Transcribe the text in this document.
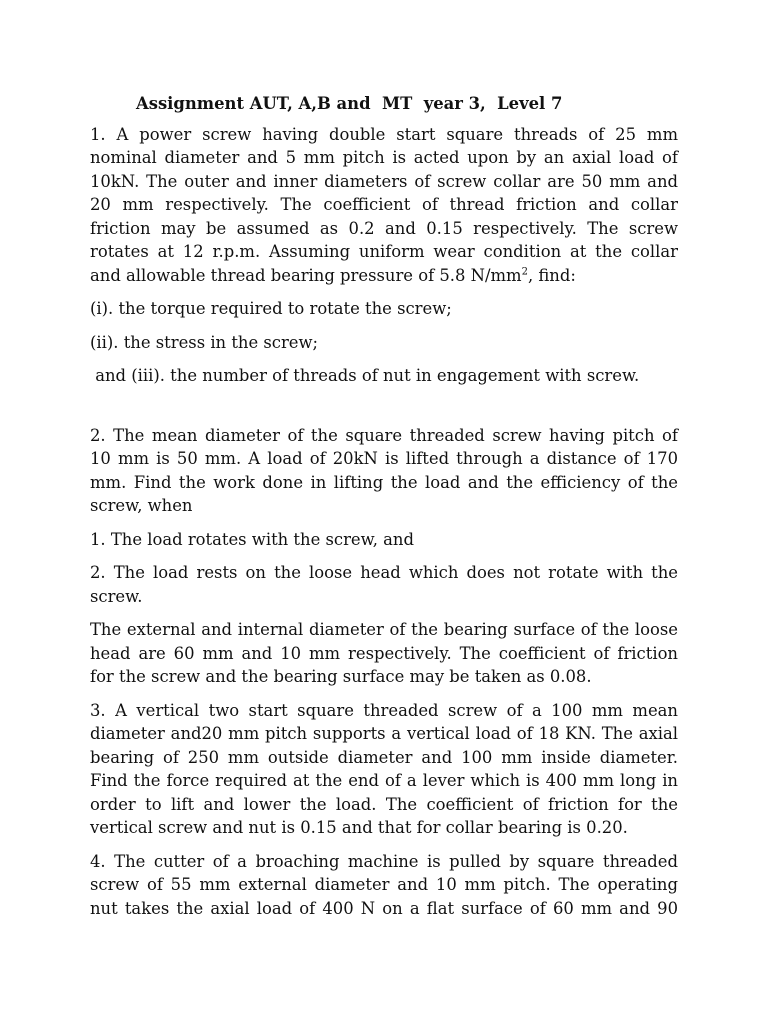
Assignment AUT, A,B and  MT  year 3,  Level 7
1. A power screw having double start square threads of 25 mm
nominal diameter and 5 mm pitch is acted upon by an axial load of
10kN. The outer and inner diameters of screw collar are 50 mm and
20 mm respectively. The coefficient of thread friction and collar
friction may be assumed as 0.2 and 0.15 respectively. The screw
rotates at 12 r.p.m. Assuming uniform wear condition at the collar
and allowable thread bearing pressure of 5.8 $N/mm^2$, find:
(i). the torque required to rotate the screw;
(ii). the stress in the screw;
and (iii). the number of threads of nut in engagement with screw.
2. The mean diameter of the square threaded screw having pitch of
10 mm is 50 mm. A load of 20kN is lifted through a distance of 170
mm. Find the work done in lifting the load and the efficiency of the
screw, when
1. The load rotates with the screw, and
2. The load rests on the loose head which does not rotate with the
screw.
The external and internal diameter of the bearing surface of the loose
head are 60 mm and 10 mm respectively. The coefficient of friction
for the screw and the bearing surface may be taken as 0.08.
3. A vertical two start square threaded screw of a 100 mm mean
diameter and20 mm pitch supports a vertical load of 18 KN. The axial
bearing of 250 mm outside diameter and 100 mm inside diameter.
Find the force required at the end of a lever which is 400 mm long in
order to lift and lower the load. The coefficient of friction for the
vertical screw and nut is 0.15 and that for collar bearing is 0.20.
4. The cutter of a broaching machine is pulled by square threaded
screw of 55 mm external diameter and 10 mm pitch. The operating
nut takes the axial load of 400 N on a flat surface of 60 mm and 90
